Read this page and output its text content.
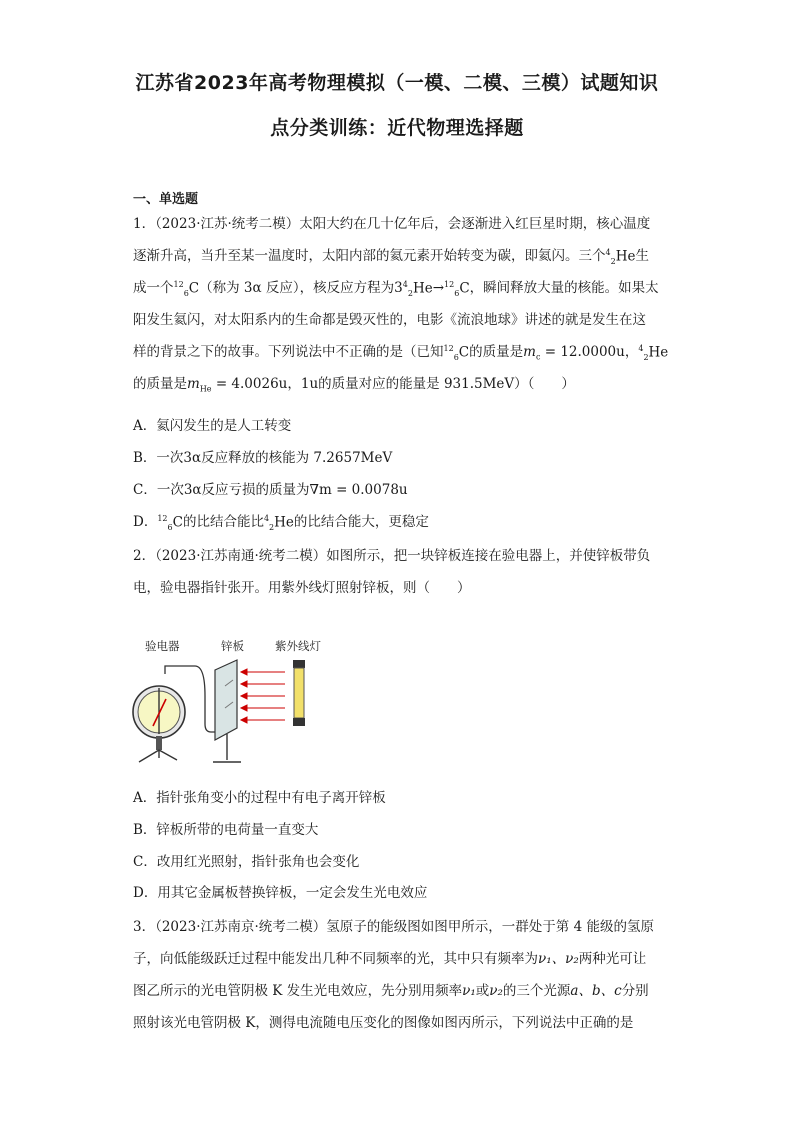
江苏省2023年高考物理模拟（一模、二模、三模）试题知识
点分类训练：近代物理选择题
一、单选题
1．（2023·江苏·统考二模）太阳大约在几十亿年后，会逐渐进入红巨星时期，核心温度
逐渐升高，当升至某一温度时，太阳内部的氦元素开始转变为碳，即氦闪。三个$^4_2$He生
成一个$^{12}_6$C（称为 3α 反应），核反应方程为$3^4_2He\to^{12}_6C$，瞬间释放大量的核能。如果太
阳发生氦闪，对太阳系内的生命都是毁灭性的，电影《流浪地球》讲述的就是发生在这
样的背景之下的故事。下列说法中不正确的是（已知$^{12}_6$C的质量是$m_c = 12.0000u$，$^4_2$He
的质量是$m_{He} = 4.0026u$，1u的质量对应的能量是 931.5MeV）（　　）
A．氦闪发生的是人工转变
B．一次3α反应释放的核能为 7.2657MeV
C．一次3α反应亏损的质量为∇m = 0.0078u
D．$^{12}_6$C的比结合能比$^4_2$He的比结合能大，更稳定
2．（2023·江苏南通·统考二模）如图所示，把一块锌板连接在验电器上，并使锌板带负
电，验电器指针张开。用紫外线灯照射锌板，则（　　）
验电器	锌板	紫外线灯
A．指针张角变小的过程中有电子离开锌板
B．锌板所带的电荷量一直变大
C．改用红光照射，指针张角也会变化
D．用其它金属板替换锌板，一定会发生光电效应
3．（2023·江苏南京·统考二模）氢原子的能级图如图甲所示，一群处于第 4 能级的氢原
子，向低能级跃迁过程中能发出几种不同频率的光，其中只有频率为ν₁、ν₂两种光可让
图乙所示的光电管阴极 K 发生光电效应，先分别用频率ν₁或ν₂的三个光源a、b、c分别
照射该光电管阴极 K，测得电流随电压变化的图像如图丙所示，下列说法中正确的是
